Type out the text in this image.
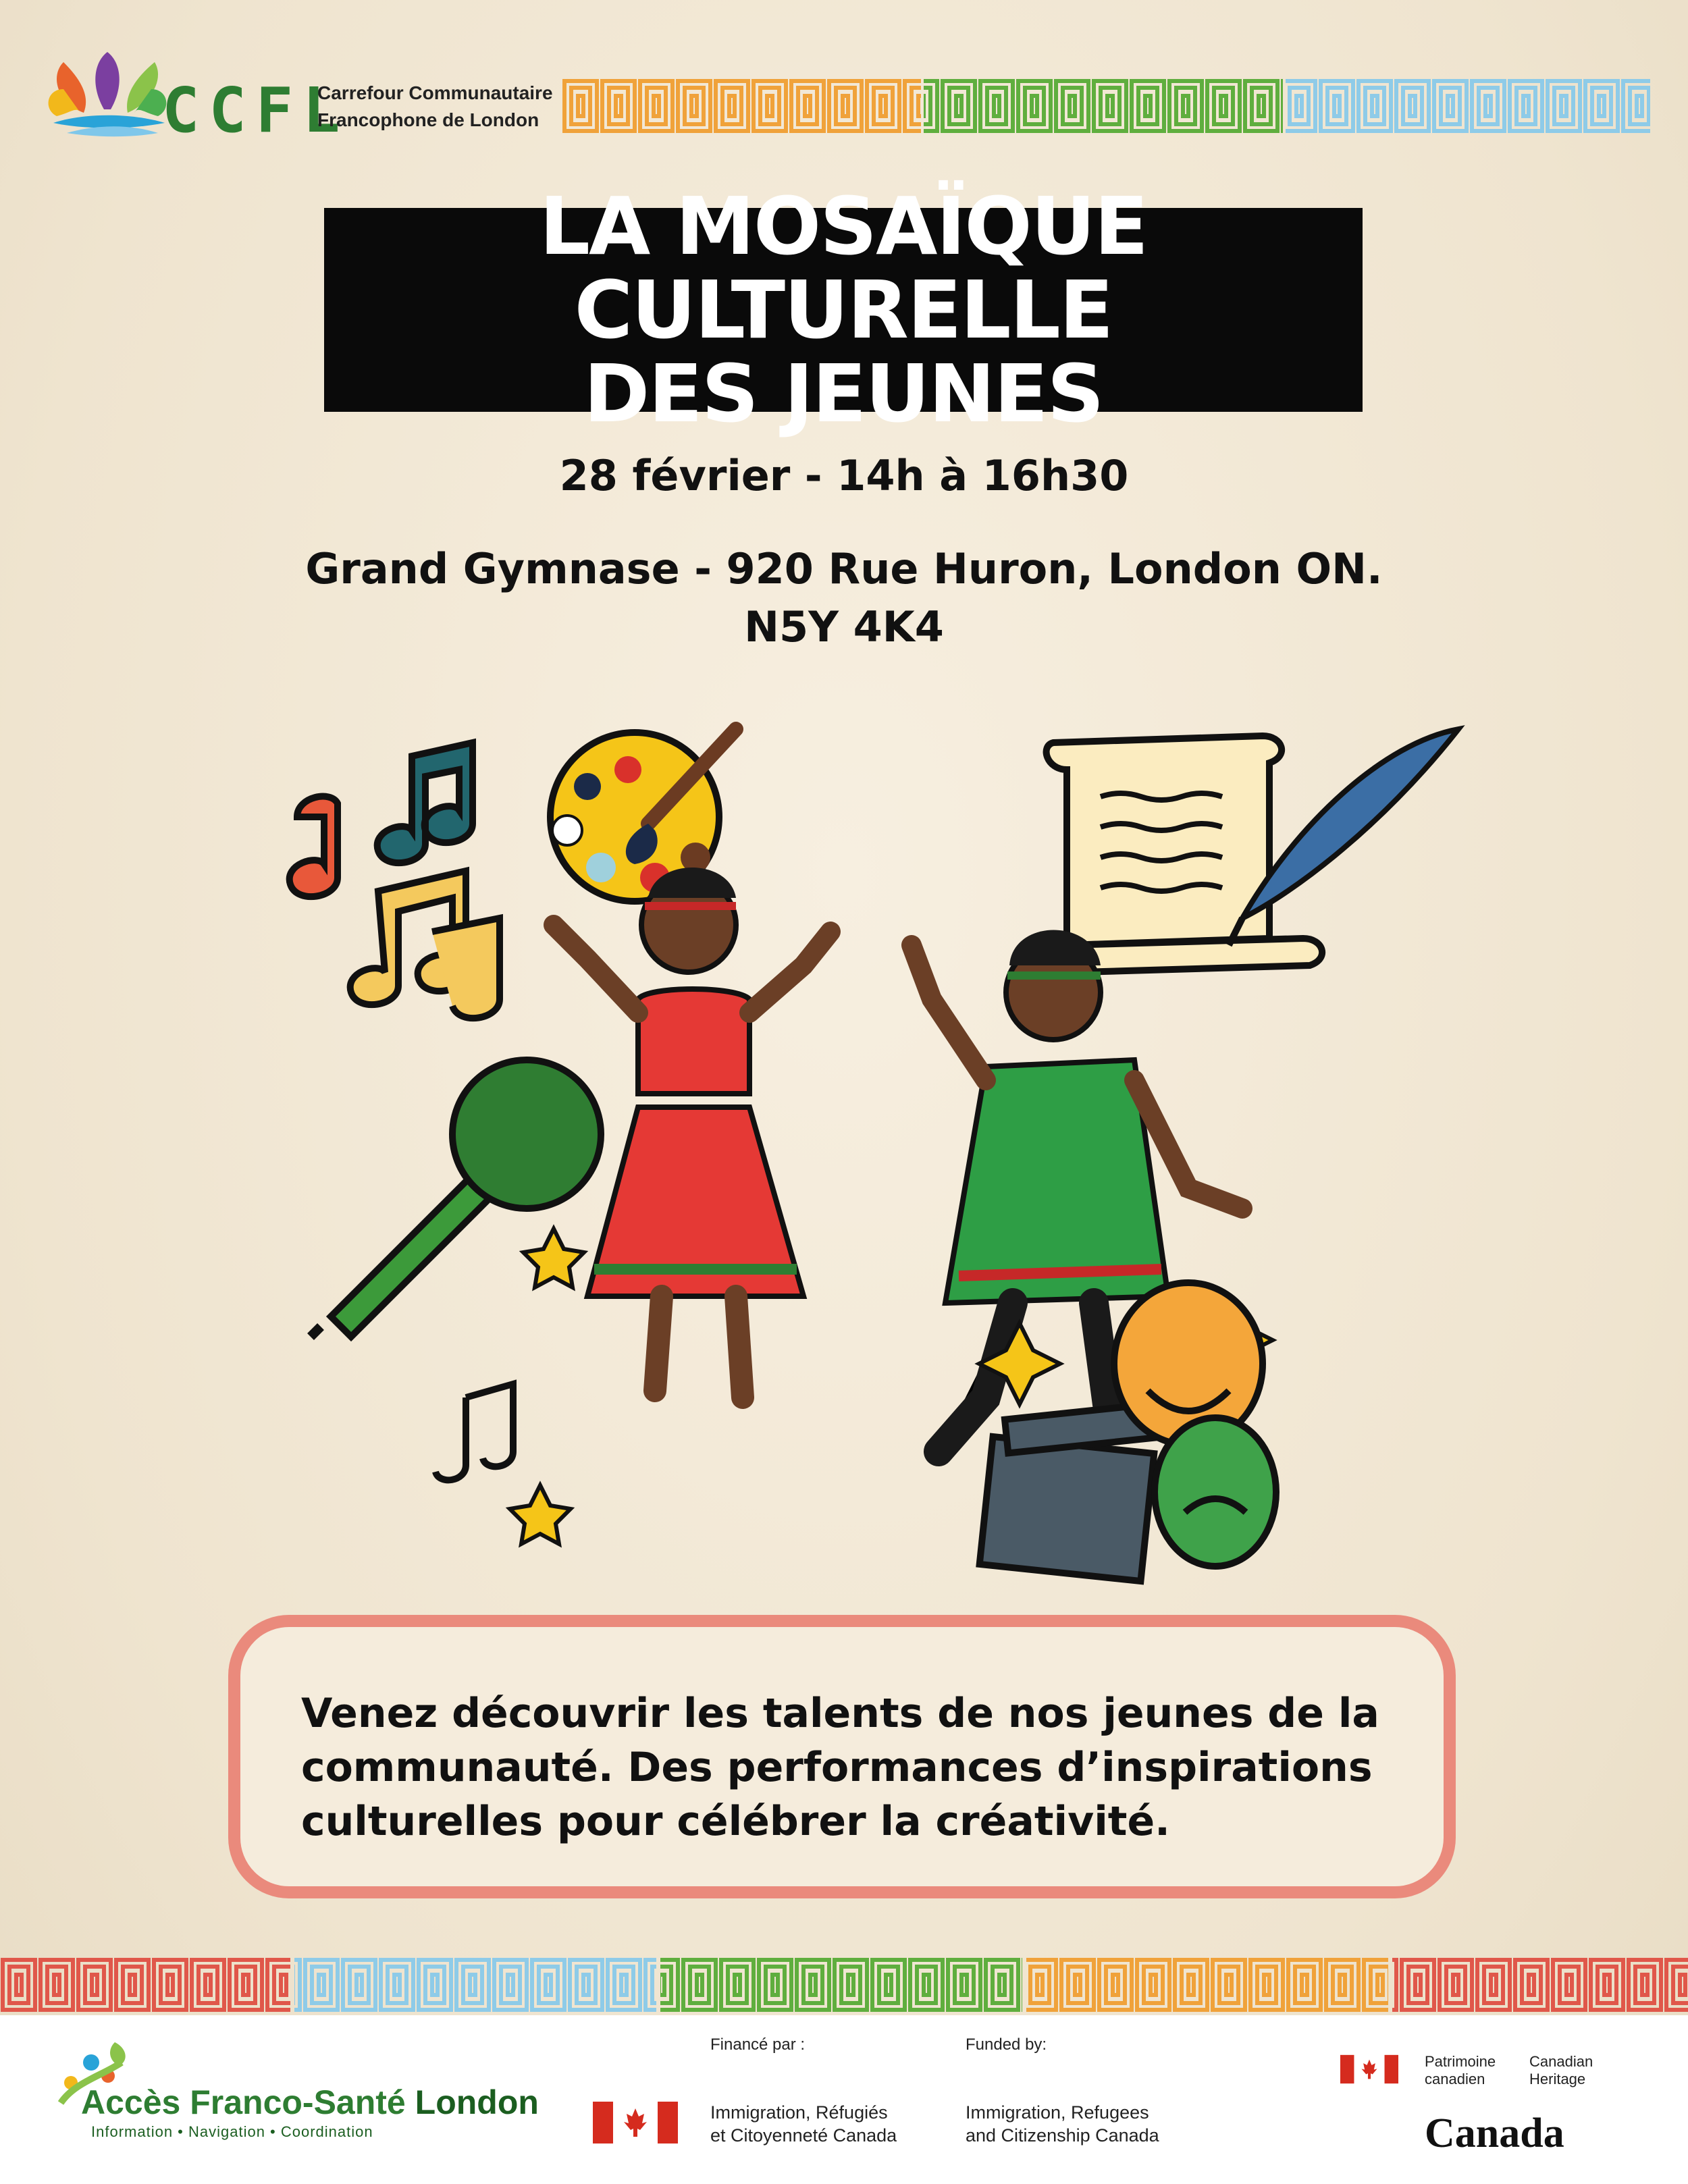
CCFL
Carrefour Communautaire
Francophone de London
LA MOSAÏQUE CULTURELLE
DES JEUNES
28 février - 14h à 16h30
Grand Gymnase - 920 Rue Huron, London ON.
N5Y 4K4
Venez découvrir les talents de nos jeunes de la communauté. Des performances d’inspirations culturelles pour célébrer la créativité.
Accès Franco-Santé London
Information • Navigation • Coordination
Financé par :	Funded by:
Immigration, Réfugiés
et Citoyenneté Canada
Immigration, Refugees
and Citizenship Canada
Patrimoine
canadien
Canadian
Heritage
Canada
